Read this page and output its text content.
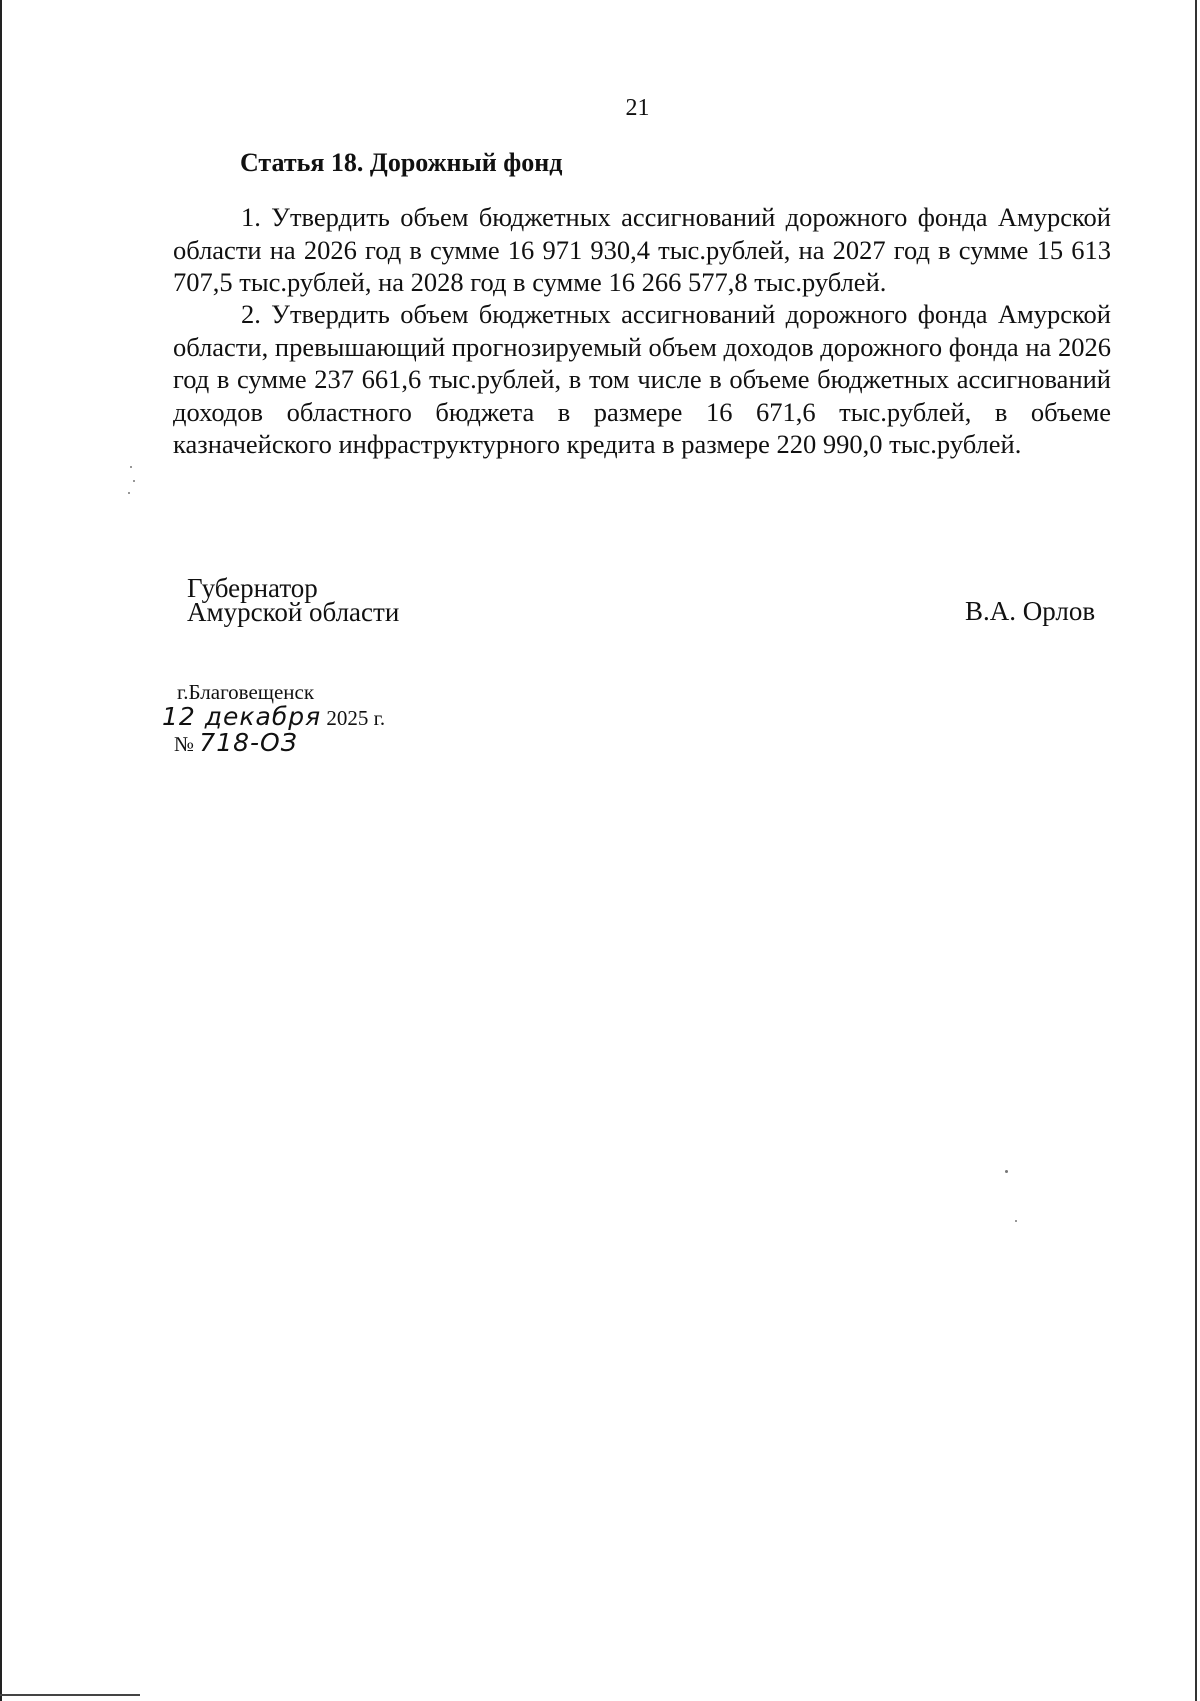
21
Статья 18. Дорожный фонд
1. Утвердить объем бюджетных ассигнований дорожного фонда Амурской области на 2026 год в сумме 16 971 930,4 тыс.рублей, на 2027 год в сумме 15 613 707,5 тыс.рублей, на 2028 год в сумме 16 266 577,8 тыс.рублей.
2. Утвердить объем бюджетных ассигнований дорожного фонда Амурской области, превышающий прогнозируемый объем доходов дорожного фонда на 2026 год в сумме 237 661,6 тыс.рублей, в том числе в объеме бюджетных ассигнований доходов областного бюджета в размере 16 671,6 тыс.рублей, в объеме казначейского инфраструктурного кредита в размере 220 990,0 тыс.рублей.
Губернатор
Амурской области	В.А. Орлов
г.Благовещенск
12 декабря 2025 г.
№ 718-ОЗ
